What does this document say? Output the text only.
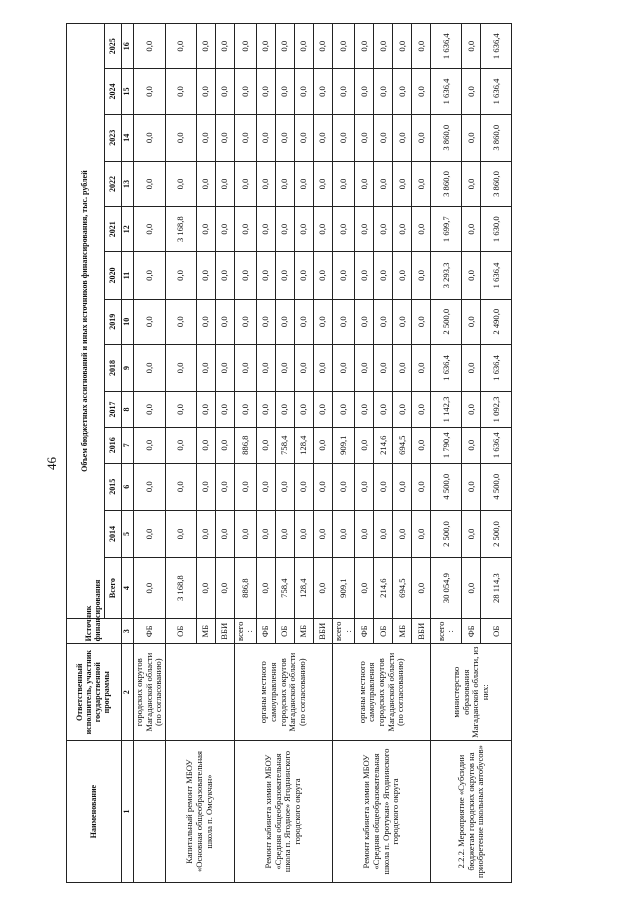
46
Наименование	Ответственный исполнитель, участник государственной программы	Источник финансирования	Объем бюджетных ассигнований и иных источников финансирования, тыс. рублей												
			Всего	2014	2015	2016	2017	2018	2019	2020	2021	2022	2023	2024	2025
1	2	3	4	5	6	7	8	9	10	11	12	13	14	15	16
	городских округов Магаданской области (по согласованию)	ФБ	0,0	0,0	0,0	0,0	0,0	0,0	0,0	0,0	0,0	0,0	0,0	0,0	0,0
Капитальный ремонт МБОУ «Основная общеобразовательная школа п. Омсукчан»		ОБ	3 168,8	0,0	0,0	0,0	0,0	0,0	0,0	0,0	3 168,8	0,0	0,0	0,0	0,0
		МБ	0,0	0,0	0,0	0,0	0,0	0,0	0,0	0,0	0,0	0,0	0,0	0,0	0,0
		ВБИ	0,0	0,0	0,0	0,0	0,0	0,0	0,0	0,0	0,0	0,0	0,0	0,0	0,0
Ремонт кабинета химии МБОУ «Средняя общеобразовательная школа п. Ягодное» Ягоднинского городского округа	органы местного самоуправления городских округов Магаданской области (по согласованию)	всего :	886,8	0,0	0,0	886,8	0,0	0,0	0,0	0,0	0,0	0,0	0,0	0,0	0,0
		ФБ	0,0	0,0	0,0	0,0	0,0	0,0	0,0	0,0	0,0	0,0	0,0	0,0	0,0
		ОБ	758,4	0,0	0,0	758,4	0,0	0,0	0,0	0,0	0,0	0,0	0,0	0,0	0,0
		МБ	128,4	0,0	0,0	128,4	0,0	0,0	0,0	0,0	0,0	0,0	0,0	0,0	0,0
		ВБИ	0,0	0,0	0,0	0,0	0,0	0,0	0,0	0,0	0,0	0,0	0,0	0,0	0,0
Ремонт кабинета химии МБОУ «Средняя общеобразовательная школа п. Оротукан» Ягоднинского городского округа	органы местного самоуправления городских округов Магаданской области (по согласованию)	всего :	909,1	0,0	0,0	909,1	0,0	0,0	0,0	0,0	0,0	0,0	0,0	0,0	0,0
		ФБ	0,0	0,0	0,0	0,0	0,0	0,0	0,0	0,0	0,0	0,0	0,0	0,0	0,0
		ОБ	214,6	0,0	0,0	214,6	0,0	0,0	0,0	0,0	0,0	0,0	0,0	0,0	0,0
		МБ	694,5	0,0	0,0	694,5	0,0	0,0	0,0	0,0	0,0	0,0	0,0	0,0	0,0
		ВБИ	0,0	0,0	0,0	0,0	0,0	0,0	0,0	0,0	0,0	0,0	0,0	0,0	0,0
2.2.2. Мероприятие «Субсидии бюджетам городских округов на приобретение школьных автобусов»	министерство образования Магаданской области, из них:	всего :	30 054,9	2 500,0	4 500,0	1 790,4	1 142,3	1 636,4	2 500,0	3 293,3	1 699,7	3 860,0	3 860,0	1 636,4	1 636,4
		ФБ	0,0	0,0	0,0	0,0	0,0	0,0	0,0	0,0	0,0	0,0	0,0	0,0	0,0
		ОБ	28 114,3	2 500,0	4 500,0	1 636,4	1 092,3	1 636,4	2 490,0	1 636,4	1 630,0	3 860,0	3 860,0	1 636,4	1 636,4
